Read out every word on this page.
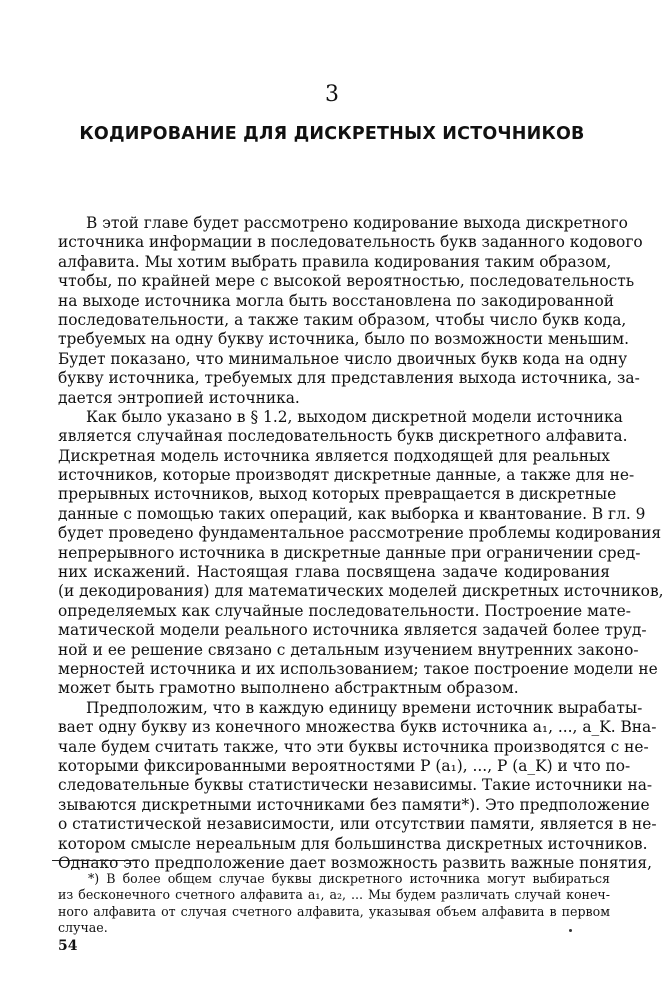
3
КОДИРОВАНИЕ ДЛЯ ДИСКРЕТНЫХ ИСТОЧНИКОВ
В этой главе будет рассмотрено кодирование выхода дискретного
источника информации в последовательность букв заданного кодового
алфавита. Мы хотим выбрать правила кодирования таким образом,
чтобы, по крайней мере с высокой вероятностью, последовательность
на выходе источника могла быть восстановлена по закодированной
последовательности, а также таким образом, чтобы число букв кода,
требуемых на одну букву источника, было по возможности меньшим.
Будет показано, что минимальное число двоичных букв кода на одну
букву источника, требуемых для представления выхода источника, за-
дается энтропией источника.
Как было указано в § 1.2, выходом дискретной модели источника
является случайная последовательность букв дискретного алфавита.
Дискретная модель источника является подходящей для реальных
источников, которые производят дискретные данные, а также для не-
прерывных источников, выход которых превращается в дискретные
данные с помощью таких операций, как выборка и квантование. В гл. 9
будет проведено фундаментальное рассмотрение проблемы кодирования
непрерывного источника в дискретные данные при ограничении сред-
них искажений. Настоящая глава посвящена задаче кодирования
(и декодирования) для математических моделей дискретных источников,
определяемых как случайные последовательности. Построение мате-
матической модели реального источника является задачей более труд-
ной и ее решение связано с детальным изучением внутренних законо-
мерностей источника и их использованием; такое построение модели не
может быть грамотно выполнено абстрактным образом.
Предположим, что в каждую единицу времени источник вырабаты-
вает одну букву из конечного множества букв источника a₁, ..., a_K. Вна-
чале будем считать также, что эти буквы источника производятся с не-
которыми фиксированными вероятностями P (a₁), ..., P (a_K) и что по-
следовательные буквы статистически независимы. Такие источники на-
зываются дискретными источниками без памяти*). Это предположение
о статистической независимости, или отсутствии памяти, является в не-
котором смысле нереальным для большинства дискретных источников.
Однако это предположение дает возможность развить важные понятия,
*) В более общем случае буквы дискретного источника могут выбираться
из бесконечного счетного алфавита a₁, a₂, ... Мы будем различать случай конеч-
ного алфавита от случая счетного алфавита, указывая объем алфавита в первом
случае.
54
